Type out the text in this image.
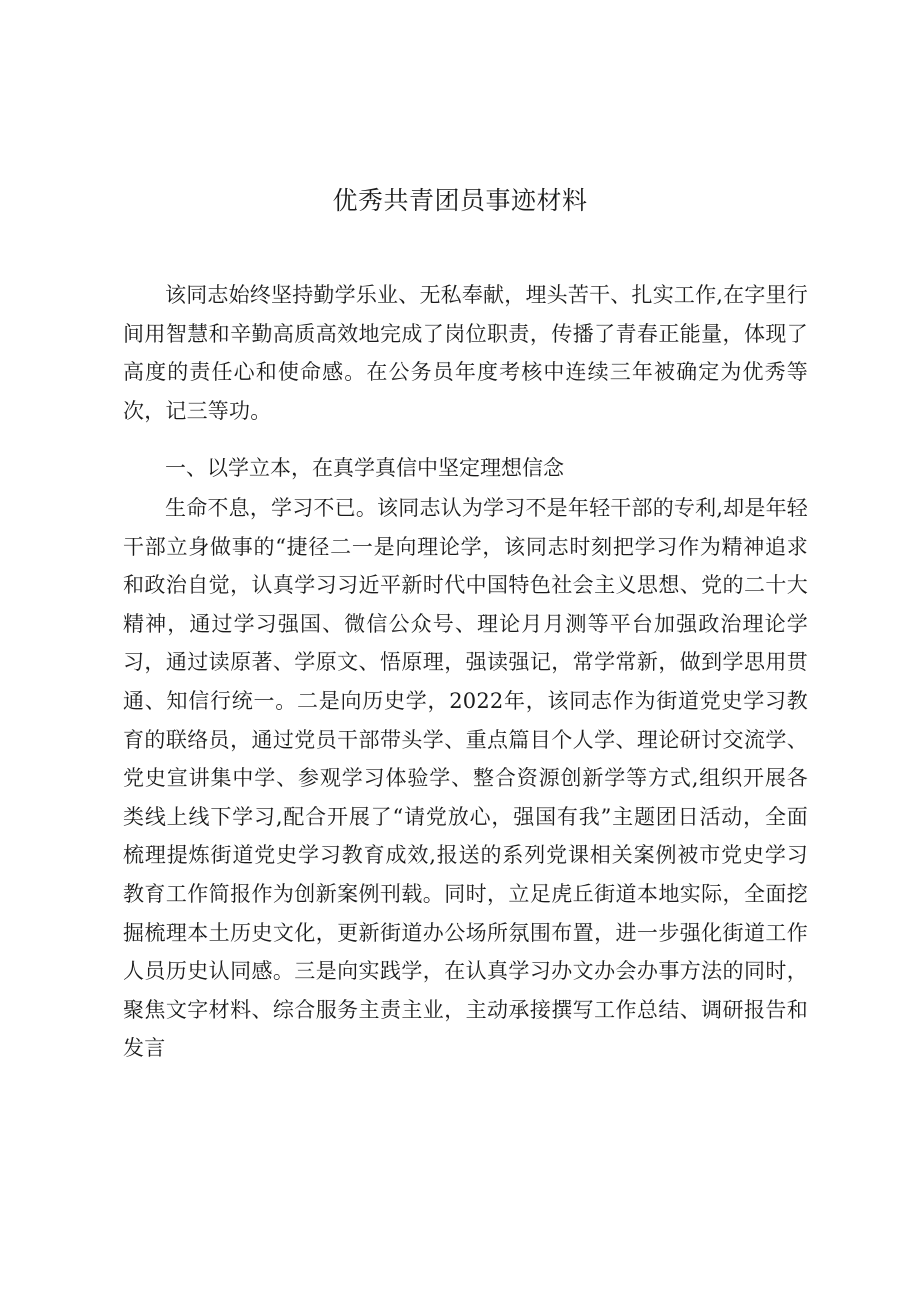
优秀共青团员事迹材料

该同志始终坚持勤学乐业、无私奉献，埋头苦干、扎实工作,在字里行间用智慧和辛勤高质高效地完成了岗位职责，传播了青春正能量，体现了高度的责任心和使命感。在公务员年度考核中连续三年被确定为优秀等次，记三等功。

一、以学立本，在真学真信中坚定理想信念

生命不息，学习不已。该同志认为学习不是年轻干部的专利,却是年轻干部立身做事的“捷径二一是向理论学，该同志时刻把学习作为精神追求和政治自觉，认真学习习近平新时代中国特色社会主义思想、党的二十大精神，通过学习强国、微信公众号、理论月月测等平台加强政治理论学习，通过读原著、学原文、悟原理，强读强记，常学常新，做到学思用贯通、知信行统一。二是向历史学，2022年，该同志作为街道党史学习教育的联络员，通过党员干部带头学、重点篇目个人学、理论研讨交流学、党史宣讲集中学、参观学习体验学、整合资源创新学等方式,组织开展各类线上线下学习,配合开展了“请党放心，强国有我”主题团日活动，全面梳理提炼街道党史学习教育成效,报送的系列党课相关案例被市党史学习教育工作简报作为创新案例刊载。同时，立足虎丘街道本地实际，全面挖掘梳理本土历史文化，更新街道办公场所氛围布置，进一步强化街道工作人员历史认同感。三是向实践学，在认真学习办文办会办事方法的同时，聚焦文字材料、综合服务主责主业，主动承接撰写工作总结、调研报告和发言
